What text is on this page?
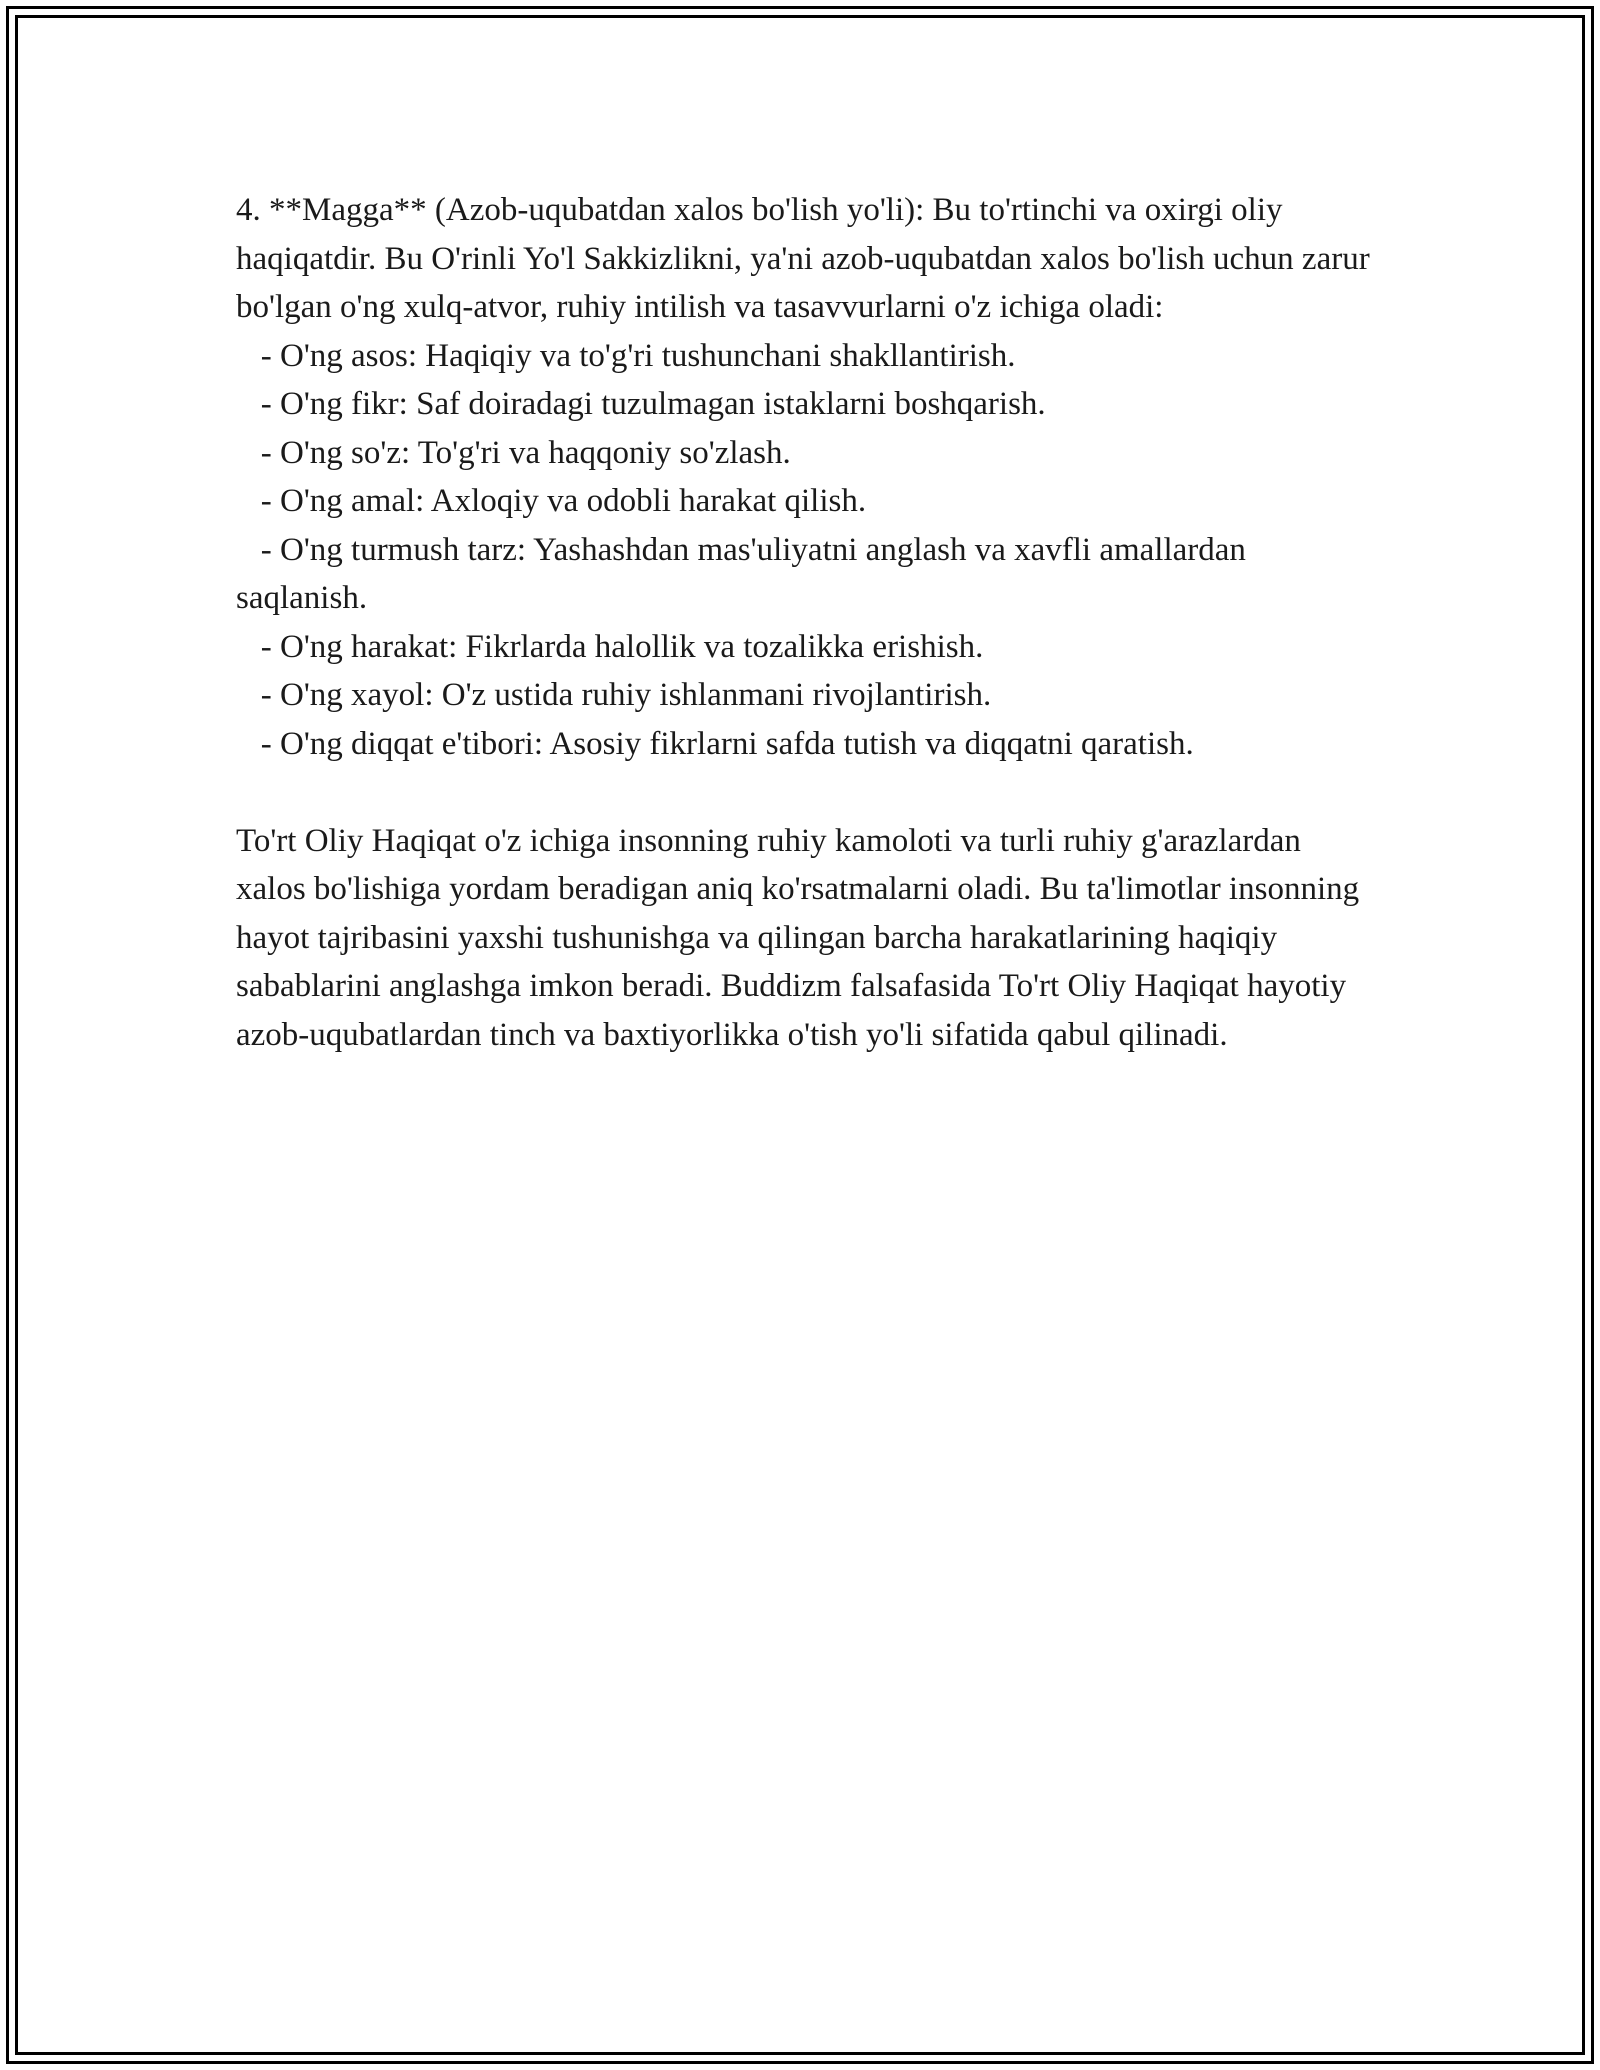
4. **Magga** (Azob-uqubatdan xalos bo'lish yo'li): Bu to'rtinchi va oxirgi oliy haqiqatdir. Bu O'rinli Yo'l Sakkizlikni, ya'ni azob-uqubatdan xalos bo'lish uchun zarur bo'lgan o'ng xulq-atvor, ruhiy intilish va tasavvurlarni o'z ichiga oladi:

- O'ng asos: Haqiqiy va to'g'ri tushunchani shakllantirish.
- O'ng fikr: Saf doiradagi tuzulmagan istaklarni boshqarish.
- O'ng so'z: To'g'ri va haqqoniy so'zlash.
- O'ng amal: Axloqiy va odobli harakat qilish.
- O'ng turmush tarz: Yashashdan mas'uliyatni anglash va xavfli amallardan saqlanish.
- O'ng harakat: Fikrlarda halollik va tozalikka erishish.
- O'ng xayol: O'z ustida ruhiy ishlanmani rivojlantirish.
- O'ng diqqat e'tibori: Asosiy fikrlarni safda tutish va diqqatni qaratish.

To'rt Oliy Haqiqat o'z ichiga insonning ruhiy kamoloti va turli ruhiy g'arazlardan xalos bo'lishiga yordam beradigan aniq ko'rsatmalarni oladi. Bu ta'limotlar insonning hayot tajribasini yaxshi tushunishga va qilingan barcha harakatlarining haqiqiy sabablarini anglashga imkon beradi. Buddizm falsafasida To'rt Oliy Haqiqat hayotiy azob-uqubatlardan tinch va baxtiyorlikka o'tish yo'li sifatida qabul qilinadi.
